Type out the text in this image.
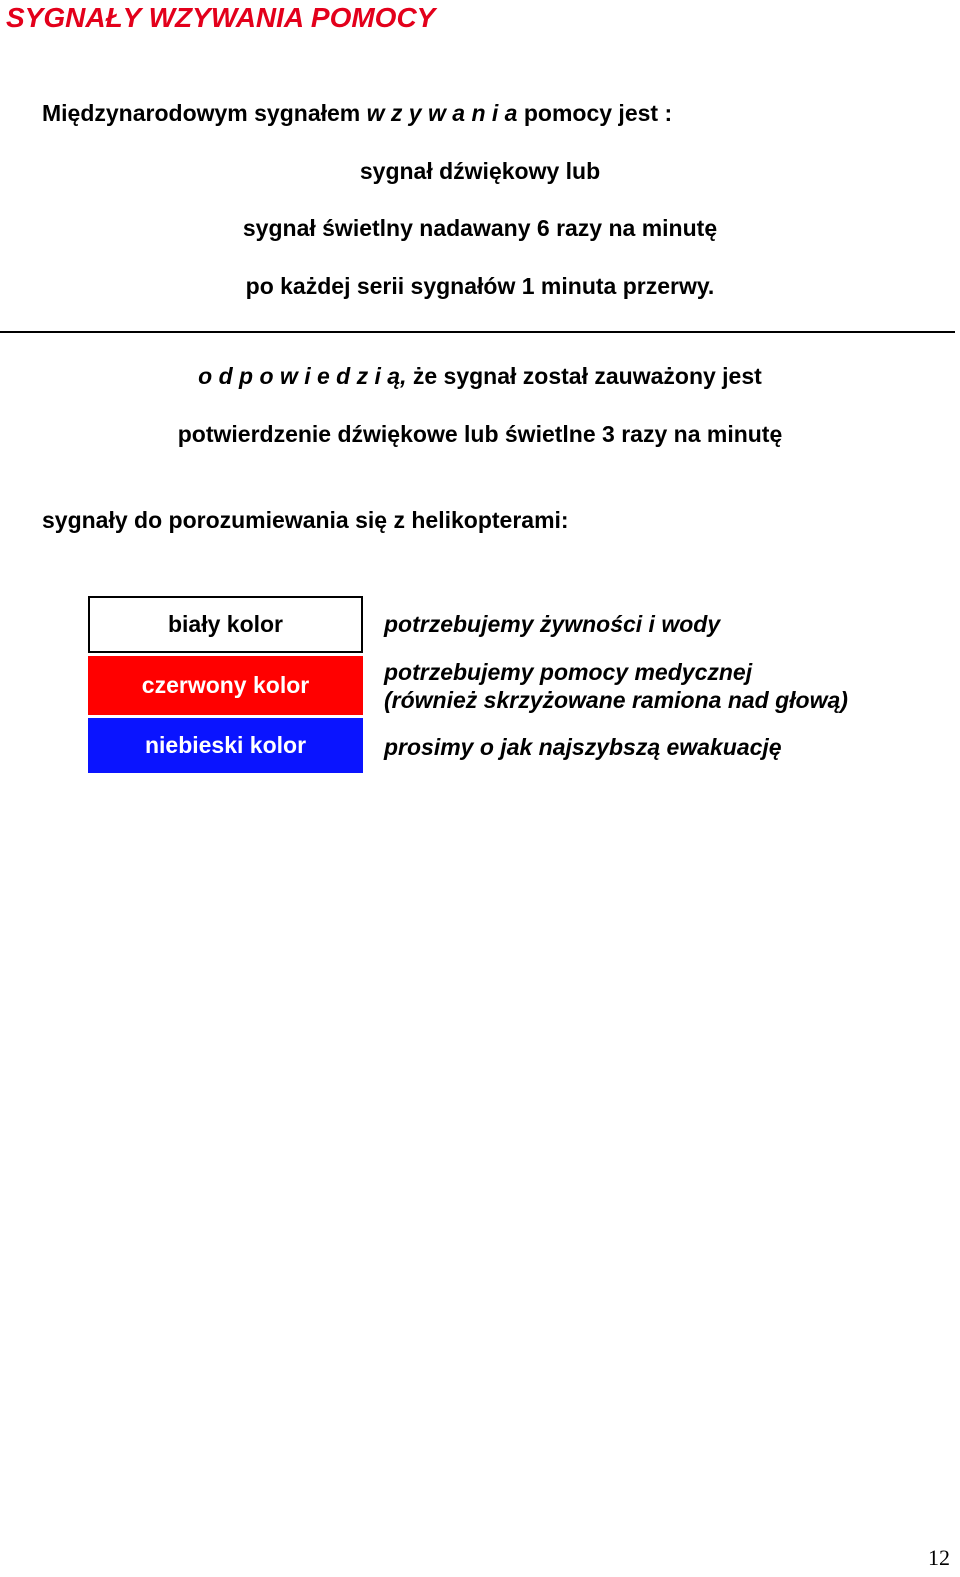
SYGNAŁY WZYWANIA POMOCY
Międzynarodowym sygnałem w z y w a n i a pomocy jest :
sygnał dźwiękowy lub
sygnał świetlny nadawany 6 razy na minutę
po każdej serii sygnałów 1 minuta przerwy.
o d p o w i e d z i ą, że sygnał został zauważony jest
potwierdzenie dźwiękowe lub świetlne 3 razy na minutę
sygnały do porozumiewania się z helikopterami:
biały kolor	potrzebujemy żywności i wody
czerwony kolor	potrzebujemy pomocy medycznej
(również skrzyżowane ramiona nad głową)
niebieski kolor	prosimy o jak najszybszą ewakuację
12
